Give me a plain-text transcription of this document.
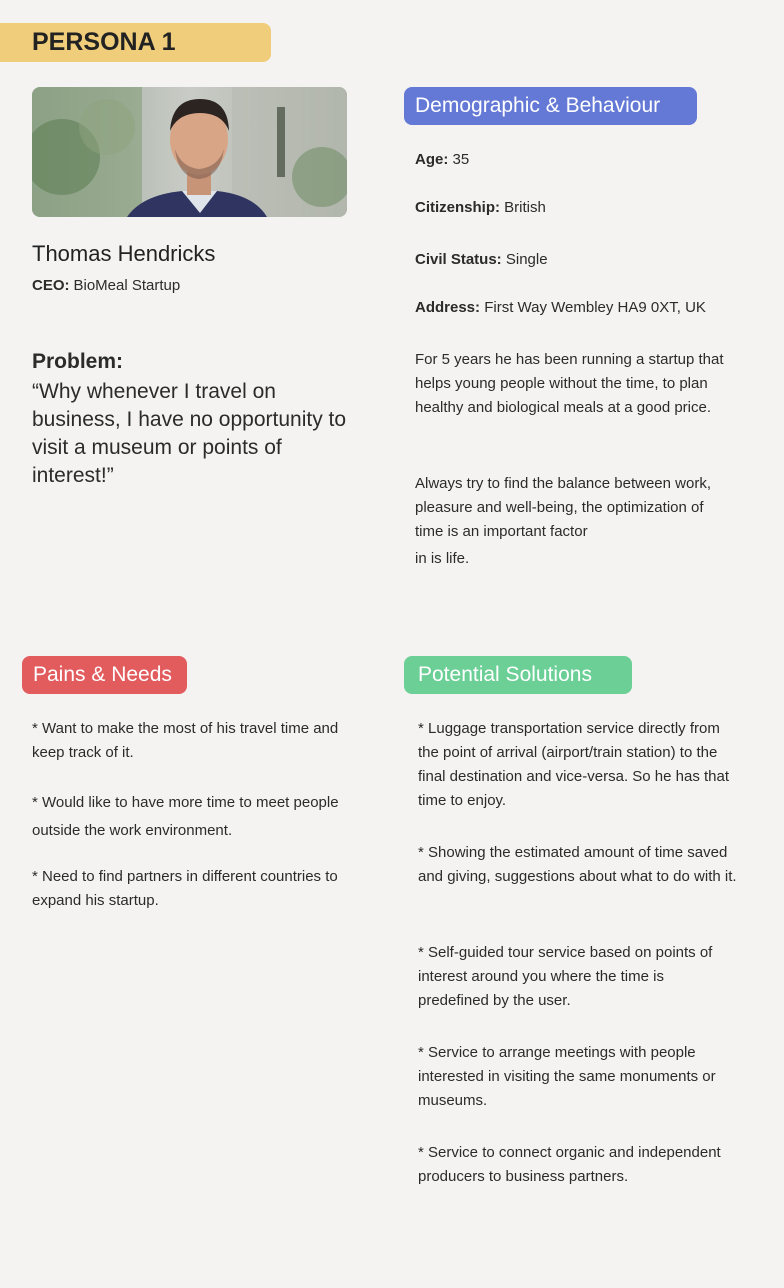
PERSONA 1
Thomas Hendricks
CEO: BioMeal Startup
Problem:
“Why whenever I travel on business, I have no opportunity to visit a museum or points of interest!”
Demographic & Behaviour
Age: 35
Citizenship: British
Civil Status: Single
Address: First Way Wembley HA9 0XT, UK
For 5 years he has been running a startup that helps young people without the time, to plan healthy and biological meals at a good price.
Always try to find the balance between work, pleasure and well-being, the optimization of time is an important factor
in is life.
Pains & Needs
* Want to make the most of his travel time and keep track of it.
* Would like to have more time to meet people outside the work environment.
* Need to find partners in different countries to expand his startup.
Potential Solutions
* Luggage transportation service directly from the point of arrival (airport/train station) to the final destination and vice-versa. So he has that time to enjoy.
* Showing the estimated amount of time saved and giving, suggestions about what to do with it.
* Self-guided tour service based on points of interest around you where the time is predefined by the user.
* Service to arrange meetings with people interested in visiting the same monuments or museums.
* Service to connect organic and independent producers to business partners.
